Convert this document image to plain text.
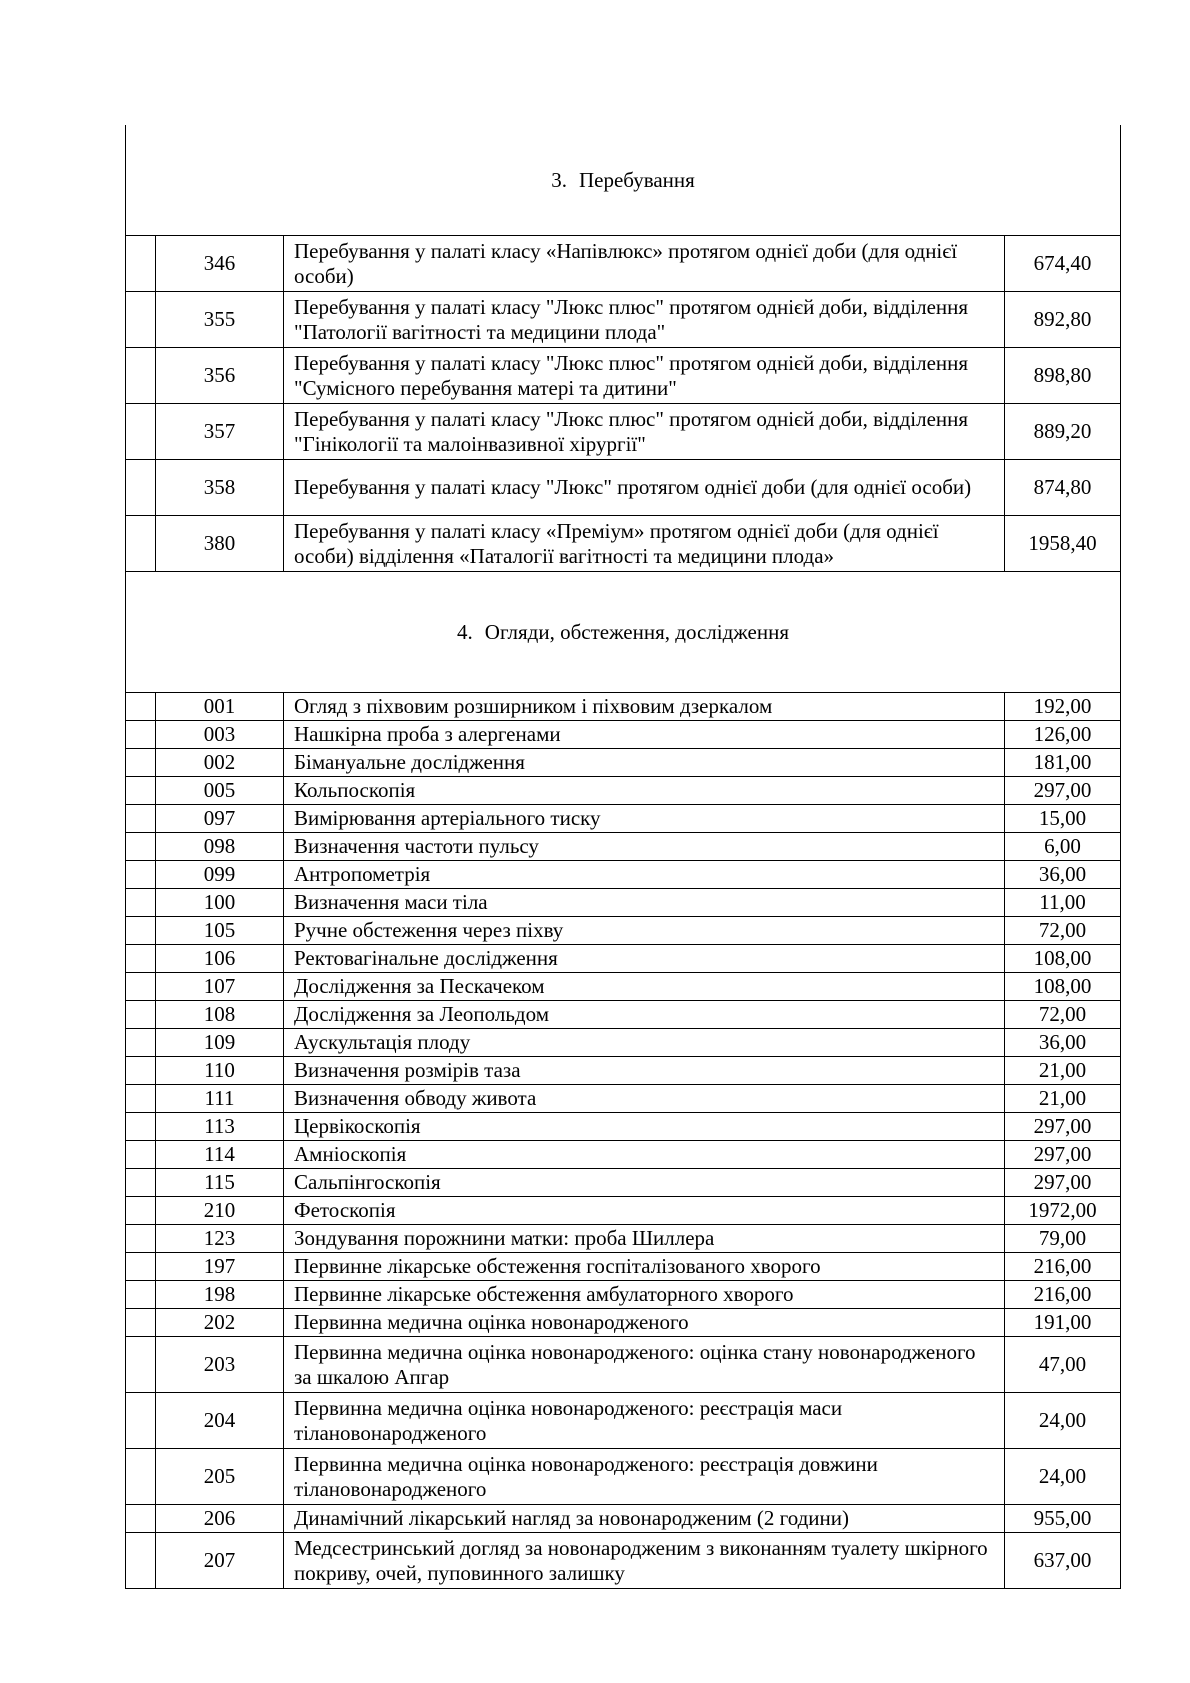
3. Перебування			
	346	Перебування у палаті класу «Напівлюкс» протягом однієї доби (для однієї особи)	674,40
	355	Перебування у палаті класу "Люкс плюс" протягом однієй доби, відділення "Патології вагітності та медицини плода"	892,80
	356	Перебування у палаті класу "Люкс плюс" протягом однієй доби, відділення "Сумісного перебування матері та дитини"	898,80
	357	Перебування у палаті класу "Люкс плюс" протягом однієй доби, відділення "Гінікології та малоінвазивної хірургії"	889,20
	358	Перебування у палаті класу "Люкс" протягом однієї доби (для однієї особи)	874,80
	380	Перебування у палаті класу «Преміум» протягом однієї доби (для однієї особи) відділення «Паталогії вагітності та медицини плода»	1958,40
4. Огляди, обстеження, дослідження			
	001	Огляд з піхвовим розширником і піхвовим дзеркалом	192,00
	003	Нашкірна проба з алергенами	126,00
	002	Бімануальне дослідження	181,00
	005	Кольпоскопія	297,00
	097	Вимірювання артеріального тиску	15,00
	098	Визначення частоти пульсу	6,00
	099	Антропометрія	36,00
	100	Визначення маси тіла	11,00
	105	Ручне обстеження через піхву	72,00
	106	Ректовагінальне дослідження	108,00
	107	Дослідження за Пескачеком	108,00
	108	Дослідження за Леопольдом	72,00
	109	Аускультація плоду	36,00
	110	Визначення розмірів таза	21,00
	111	Визначення обводу живота	21,00
	113	Цервікоскопія	297,00
	114	Амніоскопія	297,00
	115	Сальпінгоскопія	297,00
	210	Фетоскопія	1972,00
	123	Зондування порожнини матки: проба Шиллера	79,00
	197	Первинне лікарське обстеження госпіталізованого хворого	216,00
	198	Первинне лікарське обстеження амбулаторного хворого	216,00
	202	Первинна медична оцінка новонародженого	191,00
	203	Первинна медична оцінка новонародженого: оцінка стану новонародженого за шкалою Апгар	47,00
	204	Первинна медична оцінка новонародженого: реєстрація маси тілановонародженого	24,00
	205	Первинна медична оцінка новонародженого: реєстрація довжини тілановонародженого	24,00
	206	Динамічний лікарський нагляд за новонародженим (2 години)	955,00
	207	Медсестринський догляд за новонародженим з виконанням туалету шкірного покриву, очей, пуповинного залишку	637,00
